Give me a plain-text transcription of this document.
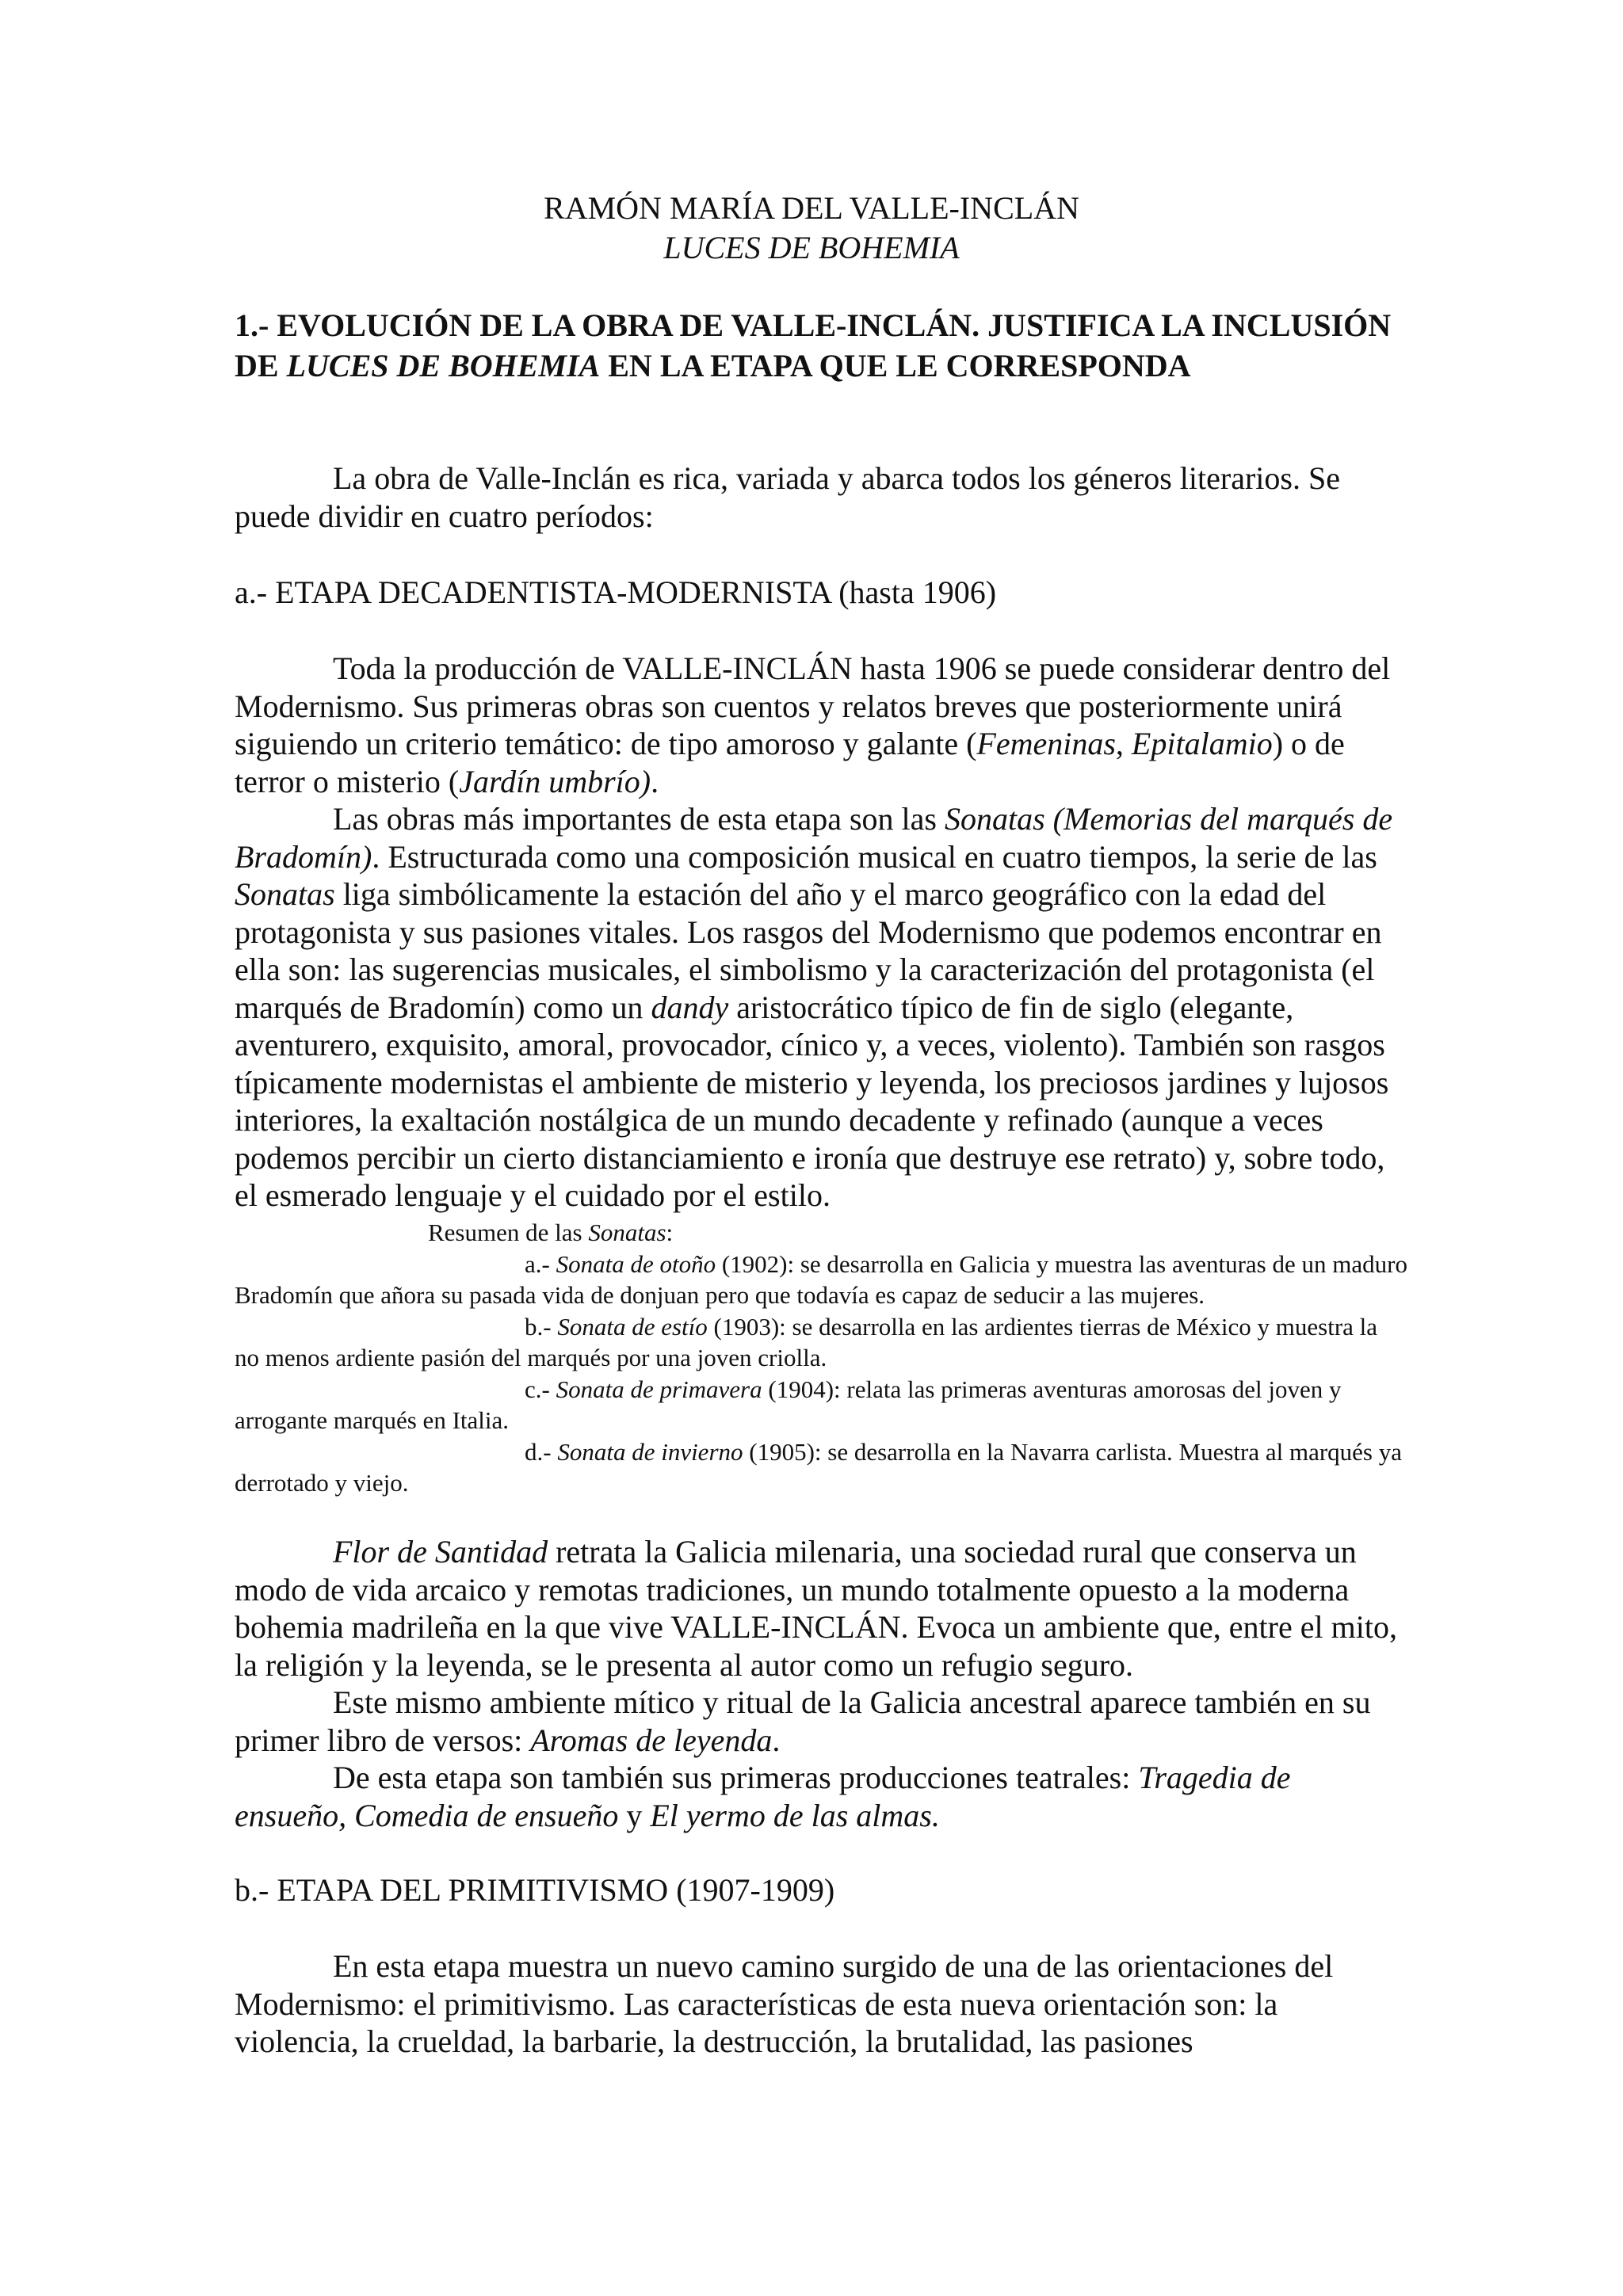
RAMÓN MARÍA DEL VALLE-INCLÁN
LUCES DE BOHEMIA
1.- EVOLUCIÓN DE LA OBRA DE VALLE-INCLÁN. JUSTIFICA LA INCLUSIÓN DE LUCES DE BOHEMIA EN LA ETAPA QUE LE CORRESPONDA
La obra de Valle-Inclán es rica, variada y abarca todos los géneros literarios. Se puede dividir en cuatro períodos:
a.- ETAPA DECADENTISTA-MODERNISTA (hasta 1906)
Toda la producción de VALLE-INCLÁN hasta 1906 se puede considerar dentro del Modernismo. Sus primeras obras son cuentos y relatos breves que posteriormente unirá siguiendo un criterio temático: de tipo amoroso y galante (Femeninas, Epitalamio) o de terror o misterio (Jardín umbrío).
Las obras más importantes de esta etapa son las Sonatas (Memorias del marqués de Bradomín). Estructurada como una composición musical en cuatro tiempos, la serie de las Sonatas liga simbólicamente la estación del año y el marco geográfico con la edad del protagonista y sus pasiones vitales. Los rasgos del Modernismo que podemos encontrar en ella son: las sugerencias musicales, el simbolismo y la caracterización del protagonista (el marqués de Bradomín) como un dandy aristocrático típico de fin de siglo (elegante, aventurero, exquisito, amoral, provocador, cínico y, a veces, violento). También son rasgos típicamente modernistas el ambiente de misterio y leyenda, los preciosos jardines y lujosos interiores, la exaltación nostálgica de un mundo decadente y refinado (aunque a veces podemos percibir un cierto distanciamiento e ironía que destruye ese retrato) y, sobre todo, el esmerado lenguaje y el cuidado por el estilo.
Resumen de las Sonatas:
a.- Sonata de otoño (1902): se desarrolla en Galicia y muestra las aventuras de un maduro Bradomín que añora su pasada vida de donjuan pero que todavía es capaz de seducir a las mujeres.
b.- Sonata de estío (1903): se desarrolla en las ardientes tierras de México y muestra la no menos ardiente pasión del marqués por una joven criolla.
c.- Sonata de primavera (1904): relata las primeras aventuras amorosas del joven y arrogante marqués en Italia.
d.- Sonata de invierno (1905): se desarrolla en la Navarra carlista. Muestra al marqués ya derrotado y viejo.
Flor de Santidad retrata la Galicia milenaria, una sociedad rural que conserva un modo de vida arcaico y remotas tradiciones, un mundo totalmente opuesto a la moderna bohemia madrileña en la que vive VALLE-INCLÁN. Evoca un ambiente que, entre el mito, la religión y la leyenda, se le presenta al autor como un refugio seguro.
Este mismo ambiente mítico y ritual de la Galicia ancestral aparece también en su primer libro de versos: Aromas de leyenda.
De esta etapa son también sus primeras producciones teatrales: Tragedia de ensueño, Comedia de ensueño y El yermo de las almas.
b.- ETAPA DEL PRIMITIVISMO (1907-1909)
En esta etapa muestra un nuevo camino surgido de una de las orientaciones del Modernismo: el primitivismo. Las características de esta nueva orientación son: la violencia, la crueldad, la barbarie, la destrucción, la brutalidad, las pasiones
